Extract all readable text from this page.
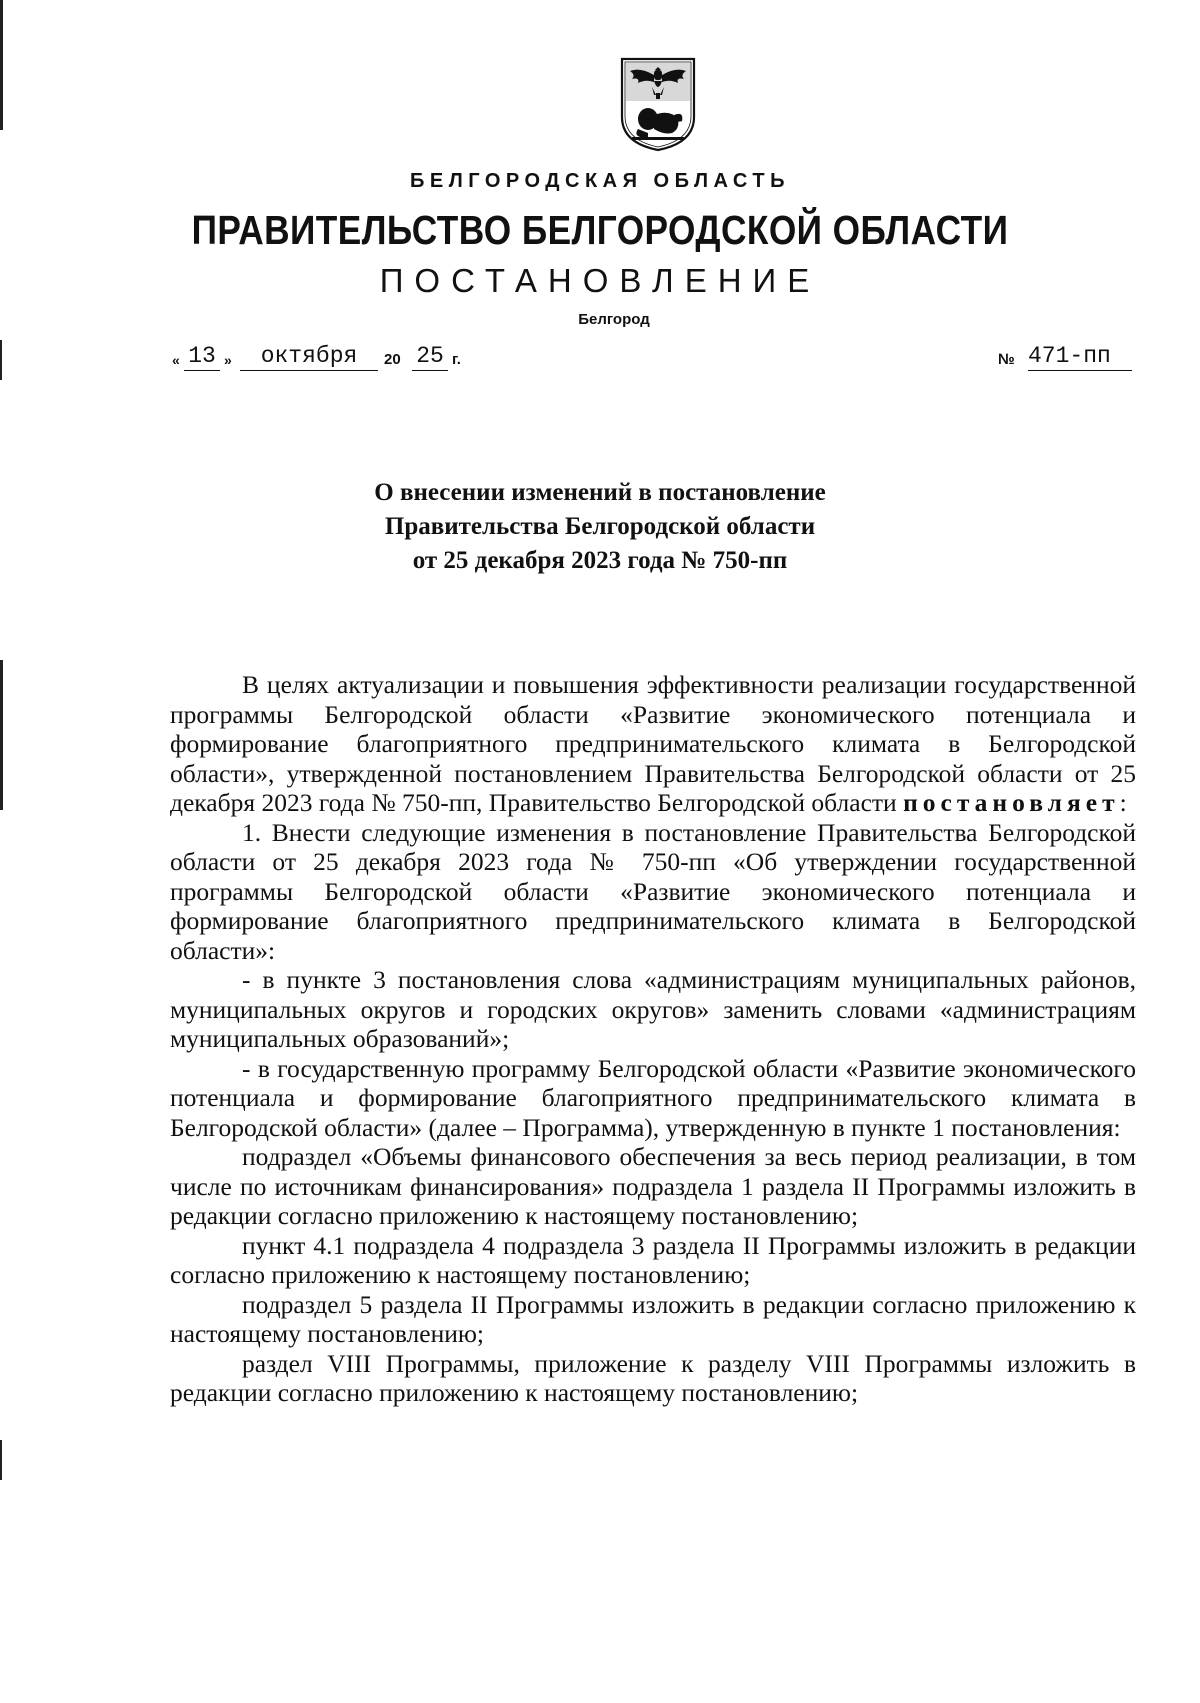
БЕЛГОРОДСКАЯ ОБЛАСТЬ
ПРАВИТЕЛЬСТВО БЕЛГОРОДСКОЙ ОБЛАСТИ
ПОСТАНОВЛЕНИЕ
Белгород
« 13 »	октября	20 25 г.	№ 471-пп
О внесении изменений в постановление
Правительства Белгородской области
от 25 декабря 2023 года № 750-пп

В целях актуализации и повышения эффективности реализации государственной программы Белгородской области «Развитие экономического потенциала и формирование благоприятного предпринимательского климата в Белгородской области», утвержденной постановлением Правительства Белгородской области от 25 декабря 2023 года № 750-пп, Правительство Белгородской области постановляет:

1. Внести следующие изменения в постановление Правительства Белгородской области от 25 декабря 2023 года № 750-пп «Об утверждении государственной программы Белгородской области «Развитие экономического потенциала и формирование благоприятного предпринимательского климата в Белгородской области»:

- в пункте 3 постановления слова «администрациям муниципальных районов, муниципальных округов и городских округов» заменить словами «администрациям муниципальных образований»;

- в государственную программу Белгородской области «Развитие экономического потенциала и формирование благоприятного предпринимательского климата в Белгородской области» (далее – Программа), утвержденную в пункте 1 постановления:

подраздел «Объемы финансового обеспечения за весь период реализации, в том числе по источникам финансирования» подраздела 1 раздела II Программы изложить в редакции согласно приложению к настоящему постановлению;

пункт 4.1 подраздела 4 подраздела 3 раздела II Программы изложить в редакции согласно приложению к настоящему постановлению;

подраздел 5 раздела II Программы изложить в редакции согласно приложению к настоящему постановлению;

раздел VIII Программы, приложение к разделу VIII Программы изложить в редакции согласно приложению к настоящему постановлению;
